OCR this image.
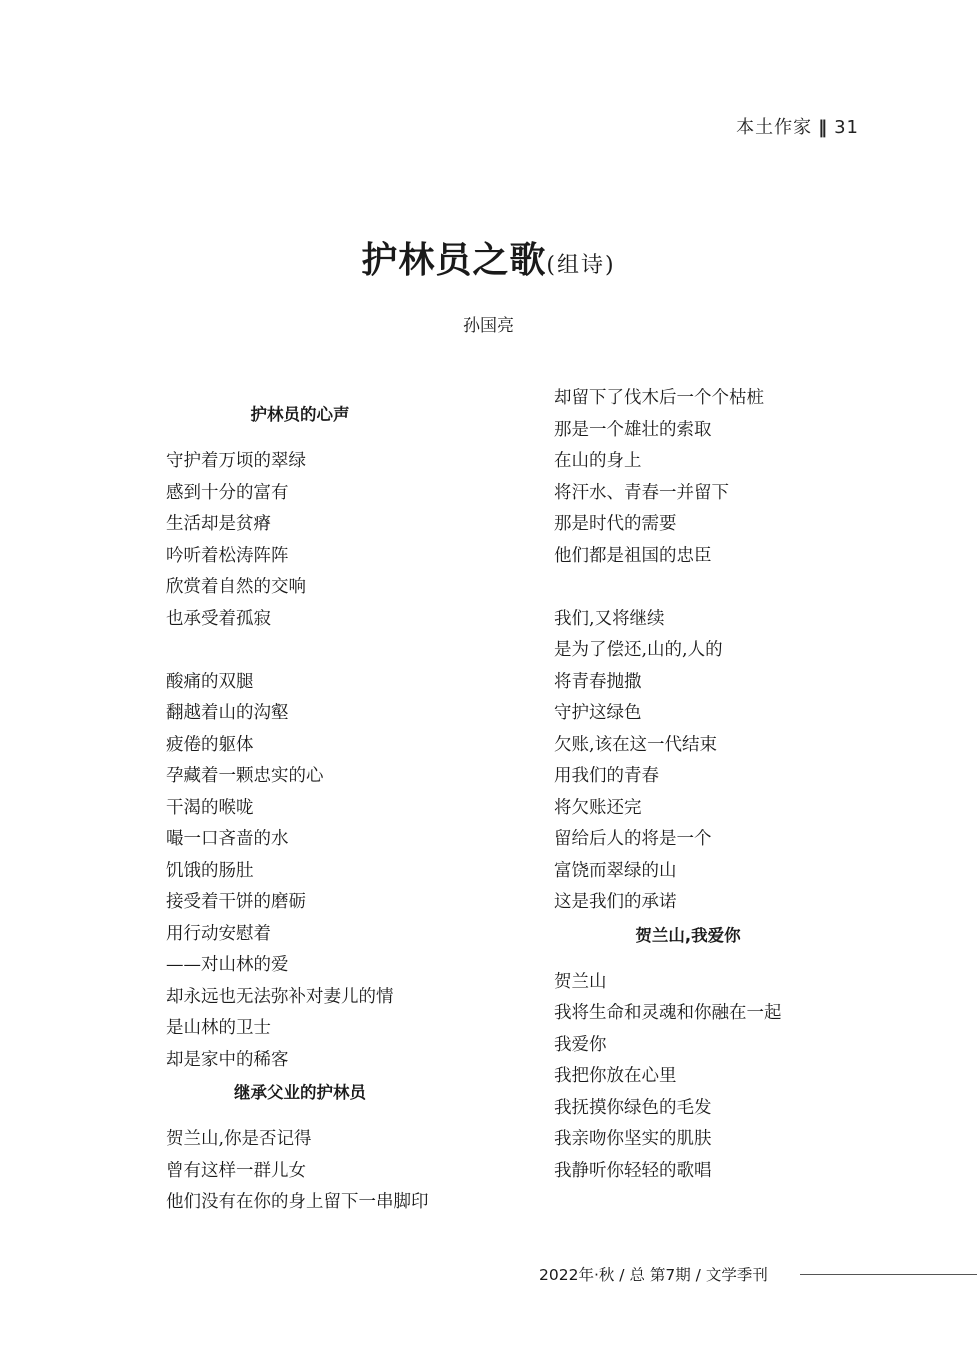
本土作家 ‖ 31
护林员之歌(组诗)
孙国亮
护林员的心声
守护着万顷的翠绿
感到十分的富有
生活却是贫瘠
吟听着松涛阵阵
欣赏着自然的交响
也承受着孤寂
酸痛的双腿
翻越着山的沟壑
疲倦的躯体
孕藏着一颗忠实的心
干渴的喉咙
嘬一口吝啬的水
饥饿的肠肚
接受着干饼的磨砺
用行动安慰着
——对山林的爱
却永远也无法弥补对妻儿的情
是山林的卫士
却是家中的稀客
继承父业的护林员
贺兰山,你是否记得
曾有这样一群儿女
他们没有在你的身上留下一串脚印
却留下了伐木后一个个枯桩
那是一个雄壮的索取
在山的身上
将汗水、青春一并留下
那是时代的需要
他们都是祖国的忠臣
我们,又将继续
是为了偿还,山的,人的
将青春抛撒
守护这绿色
欠账,该在这一代结束
用我们的青春
将欠账还完
留给后人的将是一个
富饶而翠绿的山
这是我们的承诺
贺兰山,我爱你
贺兰山
我将生命和灵魂和你融在一起
我爱你
我把你放在心里
我抚摸你绿色的毛发
我亲吻你坚实的肌肤
我静听你轻轻的歌唱
2022年·秋 / 总 第7期 / 文学季刊
